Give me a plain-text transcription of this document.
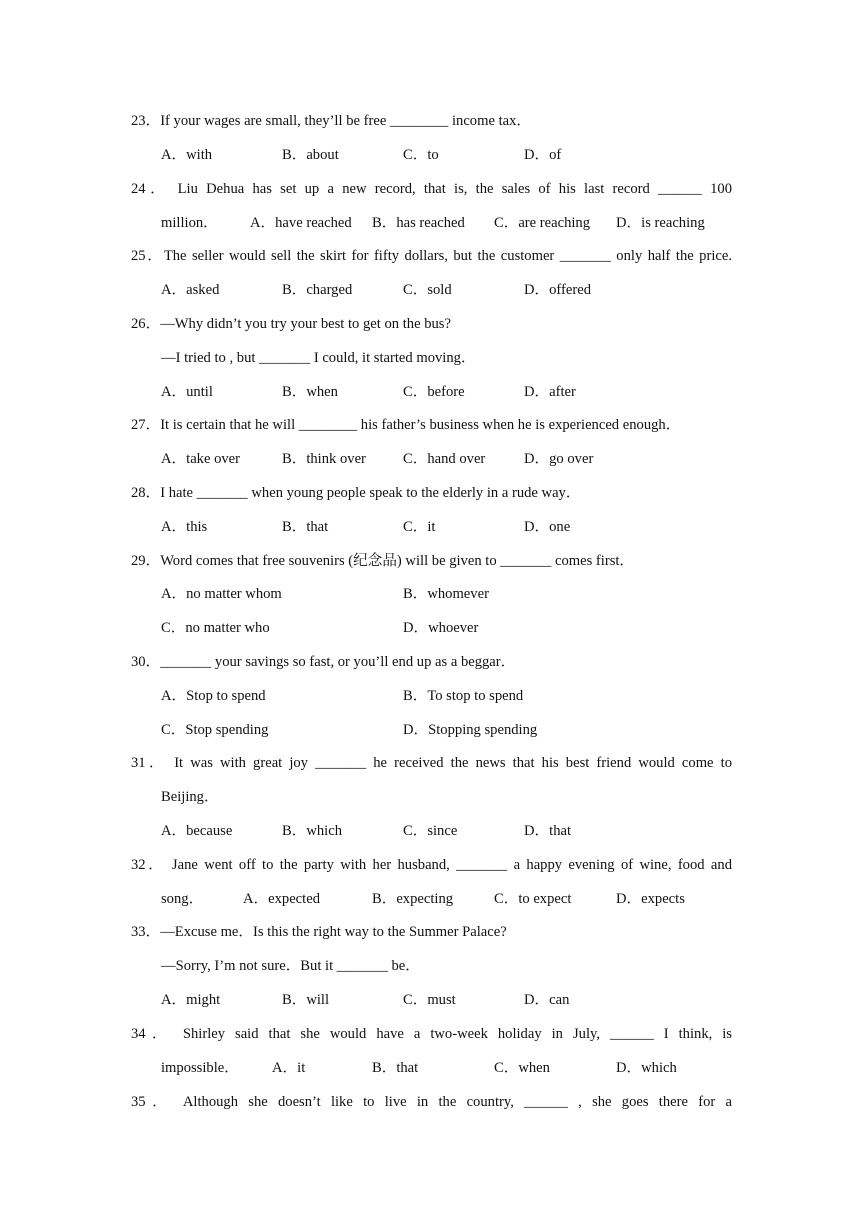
23．If your wages are small, they’ll be free ________ income tax．
A．with	B．about	C．to	D．of
24． Liu Dehua has set up a new record, that is, the sales of his last record ______ 100
million． A．have reached B．has reached C．are reaching D．is reaching
25．The seller would sell the skirt for fifty dollars, but the customer _______ only half the price.
A．asked	B．charged	C．sold	D．offered
26．—Why didn’t you try your best to get on the bus?
—I tried to , but _______ I could, it started moving．
A．until	B．when	C．before	D．after
27．It is certain that he will ________ his father’s business when he is experienced enough．
A．take over	B．think over	C．hand over	D．go over
28．I hate _______ when young people speak to the elderly in a rude way．
A．this	B．that	C．it	D．one
29．Word comes that free souvenirs (纪念品) will be given to _______ comes first．
A．no matter whom	B．whomever
C．no matter who	D．whoever
30．_______ your savings so fast, or you’ll end up as a beggar．
A．Stop to spend	B．To stop to spend
C．Stop spending	D．Stopping spending
31． It was with great joy _______ he received the news that his best friend would come to
Beijing．
A．because	B．which	C．since	D．that
32． Jane went off to the party with her husband, _______ a happy evening of wine, food and
song．	A．expected	B．expecting	C．to expect	D．expects
33．—Excuse me．Is this the right way to the Summer Palace?
—Sorry, I’m not sure．But it _______ be．
A．might	B．will	C．must	D．can
34． Shirley said that she would have a two-week holiday in July, ______ I think, is
impossible． A．it	B．that	C．when	D．which
35． Although she doesn’t like to live in the country, ______ , she goes there for a
